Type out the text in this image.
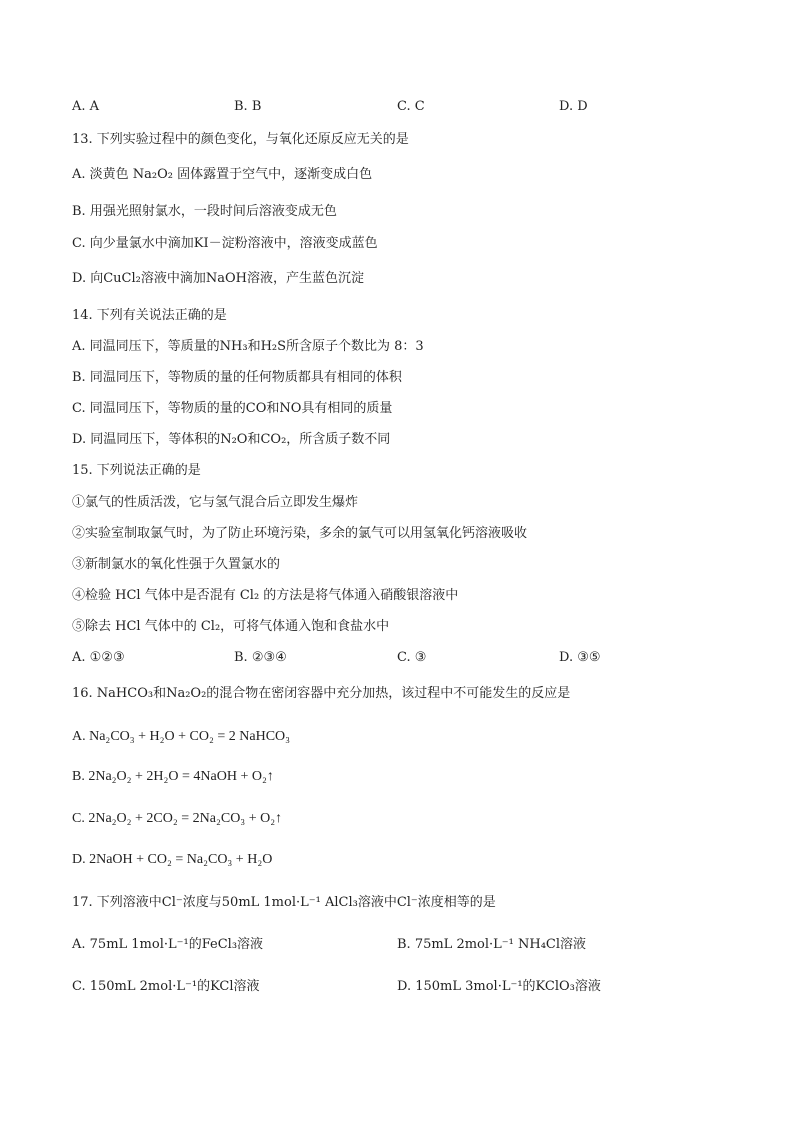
A. A	B. B	C. C	D. D
13. 下列实验过程中的颜色变化，与氧化还原反应无关的是
A. 淡黄色 Na₂O₂ 固体露置于空气中，逐渐变成白色
B. 用强光照射氯水，一段时间后溶液变成无色
C. 向少量氯水中滴加KI－淀粉溶液中，溶液变成蓝色
D. 向CuCl₂溶液中滴加NaOH溶液，产生蓝色沉淀
14. 下列有关说法正确的是
A. 同温同压下，等质量的NH₃和H₂S所含原子个数比为 8：3
B. 同温同压下，等物质的量的任何物质都具有相同的体积
C. 同温同压下，等物质的量的CO和NO具有相同的质量
D. 同温同压下，等体积的N₂O和CO₂，所含质子数不同
15. 下列说法正确的是
①氯气的性质活泼，它与氢气混合后立即发生爆炸
②实验室制取氯气时，为了防止环境污染，多余的氯气可以用氢氧化钙溶液吸收
③新制氯水的氧化性强于久置氯水的
④检验 HCl 气体中是否混有 Cl₂ 的方法是将气体通入硝酸银溶液中
⑤除去 HCl 气体中的 Cl₂，可将气体通入饱和食盐水中
A. ①②③	B. ②③④	C. ③	D. ③⑤
16. NaHCO₃和Na₂O₂的混合物在密闭容器中充分加热，该过程中不可能发生的反应是
A. Na₂CO₃ + H₂O + CO₂ = 2 NaHCO₃
B. 2Na₂O₂ + 2H₂O = 4NaOH + O₂↑
C. 2Na₂O₂ + 2CO₂ = 2Na₂CO₃ + O₂↑
D. 2NaOH + CO₂ = Na₂CO₃ + H₂O
17. 下列溶液中Cl⁻浓度与50mL 1mol·L⁻¹ AlCl₃溶液中Cl⁻浓度相等的是
A. 75mL 1mol·L⁻¹的FeCl₃溶液	B. 75mL 2mol·L⁻¹ NH₄Cl溶液
C. 150mL 2mol·L⁻¹的KCl溶液	D. 150mL 3mol·L⁻¹的KClO₃溶液
